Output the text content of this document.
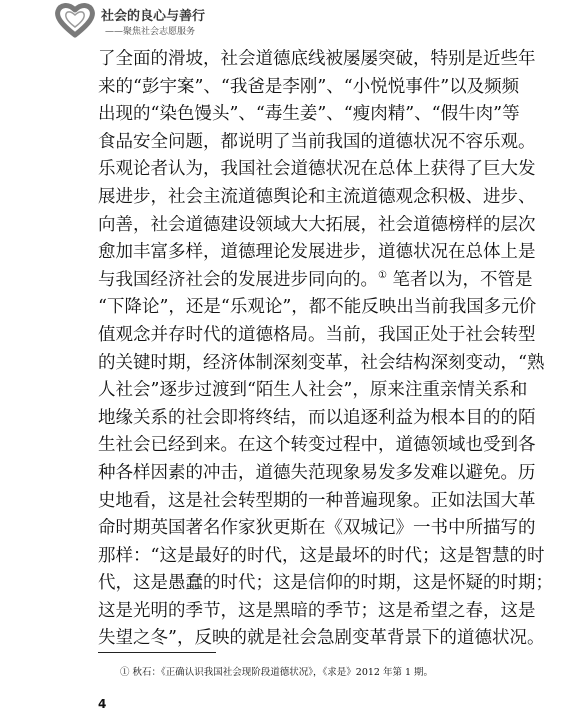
社会的良心与善行
——聚焦社会志愿服务
了全面的滑坡，社会道德底线被屡屡突破，特别是近些年
来的“彭宇案”、“我爸是李刚”、“小悦悦事件”以及频频
出现的“染色馒头”、“毒生姜”、“瘦肉精”、“假牛肉”等
食品安全问题，都说明了当前我国的道德状况不容乐观。
乐观论者认为，我国社会道德状况在总体上获得了巨大发
展进步，社会主流道德舆论和主流道德观念积极、进步、
向善，社会道德建设领域大大拓展，社会道德榜样的层次
愈加丰富多样，道德理论发展进步，道德状况在总体上是
与我国经济社会的发展进步同向的。① 笔者以为，不管是
“下降论”，还是“乐观论”，都不能反映出当前我国多元价
值观念并存时代的道德格局。当前，我国正处于社会转型
的关键时期，经济体制深刻变革，社会结构深刻变动，“熟
人社会”逐步过渡到“陌生人社会”，原来注重亲情关系和
地缘关系的社会即将终结，而以追逐利益为根本目的的陌
生社会已经到来。在这个转变过程中，道德领域也受到各
种各样因素的冲击，道德失范现象易发多发难以避免。历
史地看，这是社会转型期的一种普遍现象。正如法国大革
命时期英国著名作家狄更斯在《双城记》一书中所描写的
那样：“这是最好的时代，这是最坏的时代；这是智慧的时
代，这是愚蠢的时代；这是信仰的时期，这是怀疑的时期；
这是光明的季节，这是黑暗的季节；这是希望之春，这是
失望之冬”，反映的就是社会急剧变革背景下的道德状况。
① 秋石：《正确认识我国社会现阶段道德状况》，《求是》2012 年第 1 期。
4
